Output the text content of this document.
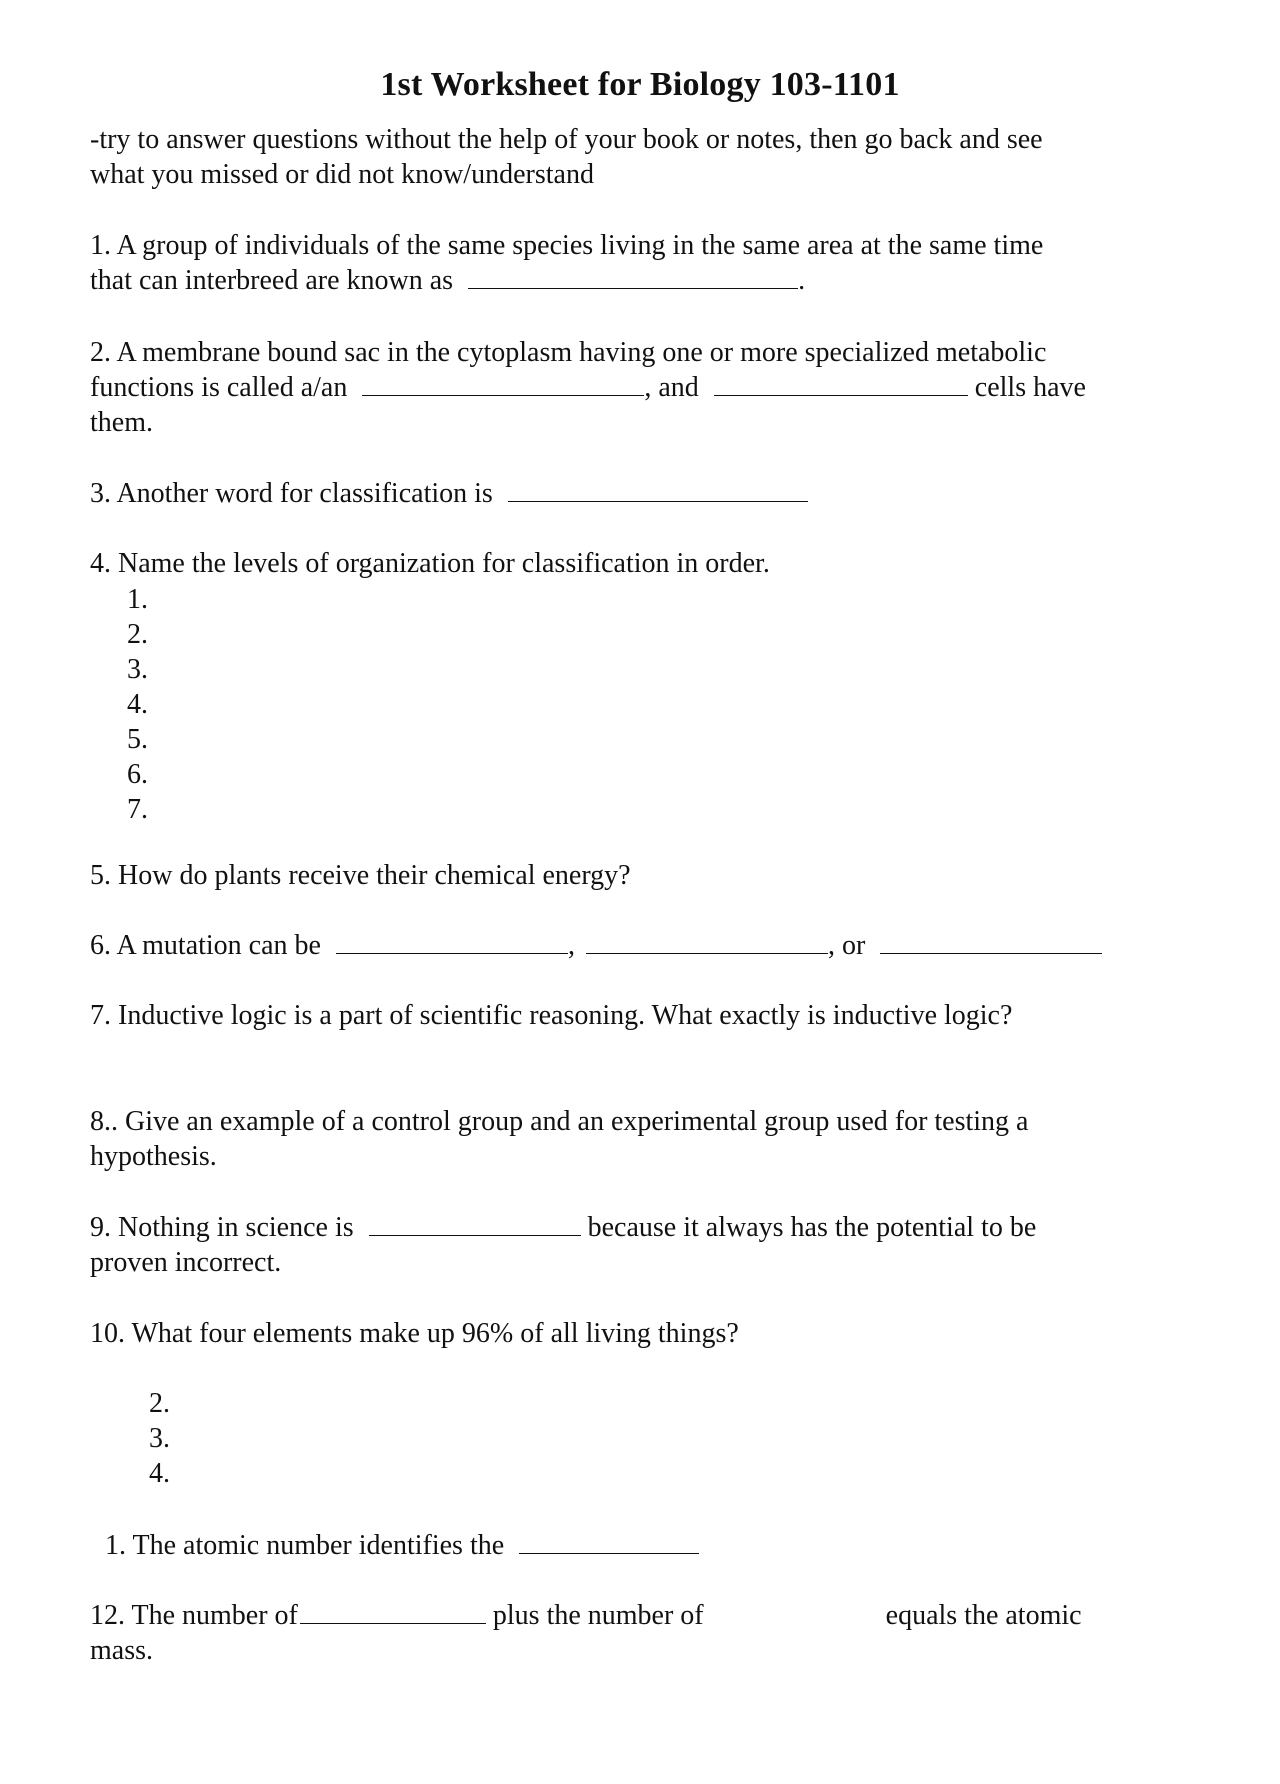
1st Worksheet for Biology 103-1101
-try to answer questions without the help of your book or notes, then go back and see
what you missed or did not know/understand
1. A group of individuals of the same species living in the same area at the same time
that can interbreed are known as	.
2. A membrane bound sac in the cytoplasm having one or more specialized metabolic
functions is called a/an	, and	cells have
them.
3. Another word for classification is
4. Name the levels of organization for classification in order.
1.
2.
3.
4.
5.
6.
7.
5. How do plants receive their chemical energy?
6. A mutation can be	,	, or
7. Inductive logic is a part of scientific reasoning. What exactly is inductive logic?
8.. Give an example of a control group and an experimental group used for testing a
hypothesis.
9. Nothing in science is	because it always has the potential to be
proven incorrect.
10. What four elements make up 96% of all living things?
2.
3.
4.
1. The atomic number identifies the
12. The number of	plus the number of	equals the atomic
mass.
